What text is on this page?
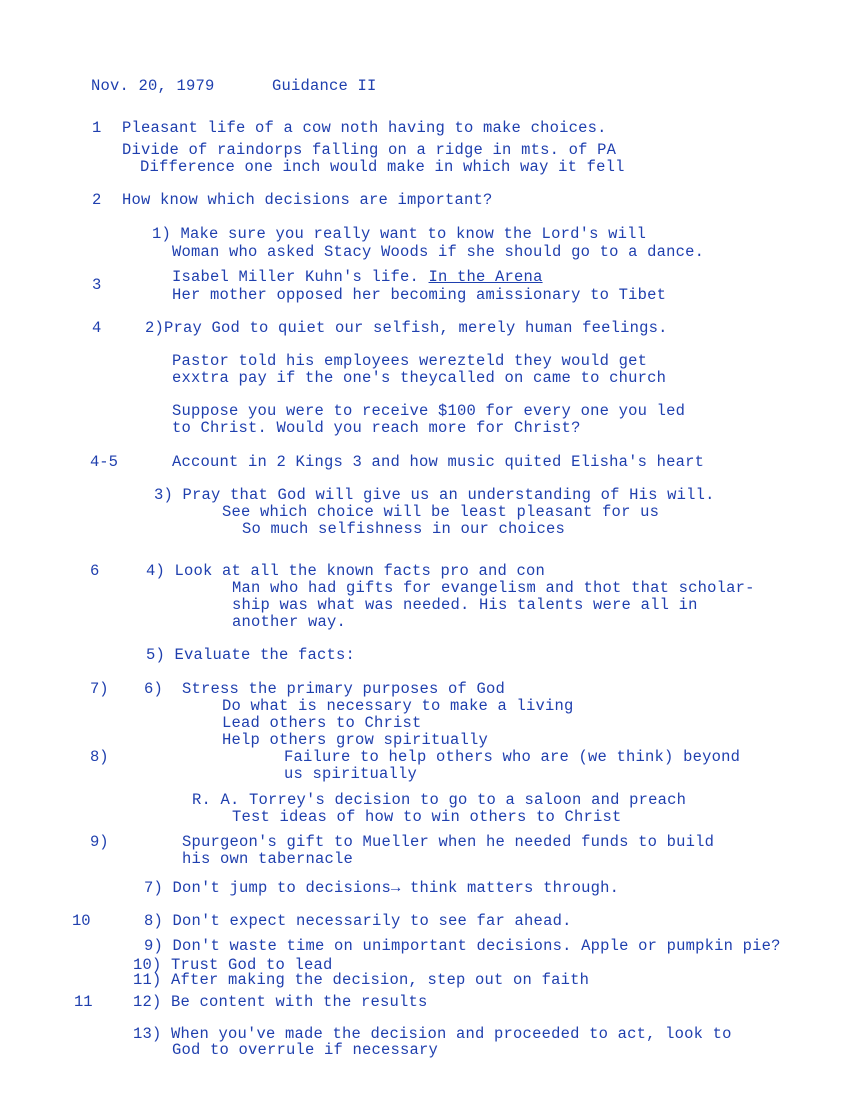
Nov. 20, 1979	Guidance II
1 Pleasant life of a cow noth having to make choices.
Divide of raindorps falling on a ridge in mts. of PA
Difference one inch would make in which way it fell
2 How know which decisions are important?
1) Make sure you really want to know the Lord's will
Woman who asked Stacy Woods if she should go to a dance.
3	Isabel Miller Kuhn's life. In the Arena
Her mother opposed her becoming amissionary to Tibet
4	2)Pray God to quiet our selfish, merely human feelings.
Pastor told his employees werezteld they would get
exxtra pay if the one's theycalled on came to church
Suppose you were to receive $100 for every one you led
to Christ. Would you reach more for Christ?
4-5	Account in 2 Kings 3 and how music quited Elisha's heart
3) Pray that God will give us an understanding of His will.
See which choice will be least pleasant for us
So much selfishness in our choices
6	4) Look at all the known facts pro and con
Man who had gifts for evangelism and thot that scholar-
ship was what was needed. His talents were all in
another way.
5) Evaluate the facts:
7) 6)  Stress the primary purposes of God
Do what is necessary to make a living
Lead others to Christ
Help others grow spiritually
8)	Failure to help others who are (we think) beyond
us spiritually
R. A. Torrey's decision to go to a saloon and preach
Test ideas of how to win others to Christ
9)	Spurgeon's gift to Mueller when he needed funds to build
his own tabernacle
7) Don't jump to decisions→ think matters through.
10	8) Don't expect necessarily to see far ahead.
9) Don't waste time on unimportant decisions. Apple or pumpkin pie?
10) Trust God to lead
11) After making the decision, step out on faith
11	12) Be content with the results
13) When you've made the decision and proceeded to act, look to
God to overrule if necessary
